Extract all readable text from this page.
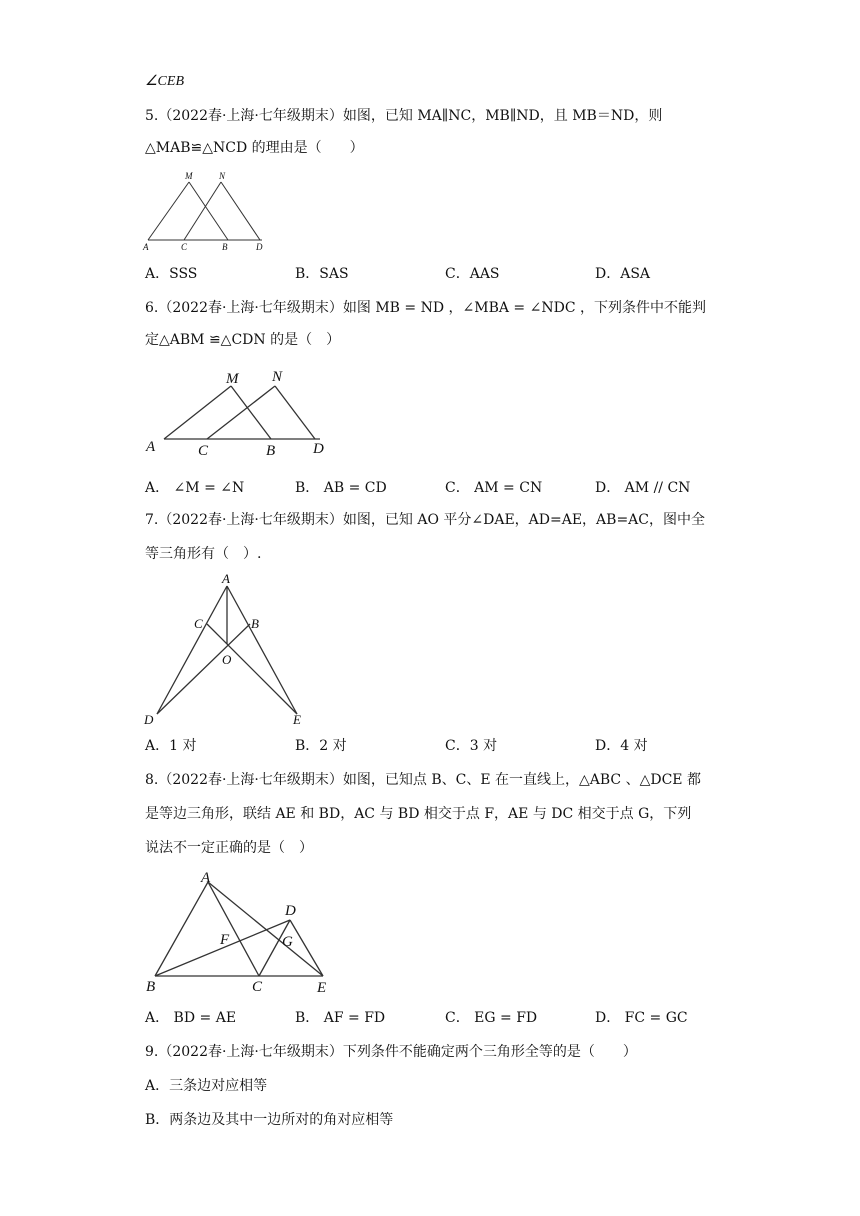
∠CEB
5.（2022春·上海·七年级期末）如图，已知 MA∥NC，MB∥ND，且 MB＝ND，则
△MAB≌△NCD 的理由是（　　）
M	N
A	C	B	D
A．SSS	B．SAS	C．AAS	D．ASA
6.（2022春·上海·七年级期末）如图 MB = ND ，∠MBA = ∠NDC ，下列条件中不能判
定△ABM ≌△CDN 的是（　）
M N
A	C	B	D
A． ∠M = ∠N	B． AB = CD	C． AM = CN	D． AM // CN
7.（2022春·上海·七年级期末）如图，已知 AO 平分∠DAE，AD=AE，AB=AC，图中全
等三角形有（　）.
A
C	B
O
D	E
A．1 对	B．2 对	C．3 对	D．4 对
8.（2022春·上海·七年级期末）如图，已知点 B、C、E 在一直线上，△ABC 、△DCE 都
是等边三角形，联结 AE 和 BD，AC 与 BD 相交于点 F，AE 与 DC 相交于点 G，下列
说法不一定正确的是（　）
A
D
F	G
B	C	E
A． BD = AE	B． AF = FD	C． EG = FD	D． FC = GC
9.（2022春·上海·七年级期末）下列条件不能确定两个三角形全等的是（　　）
A．三条边对应相等
B．两条边及其中一边所对的角对应相等
